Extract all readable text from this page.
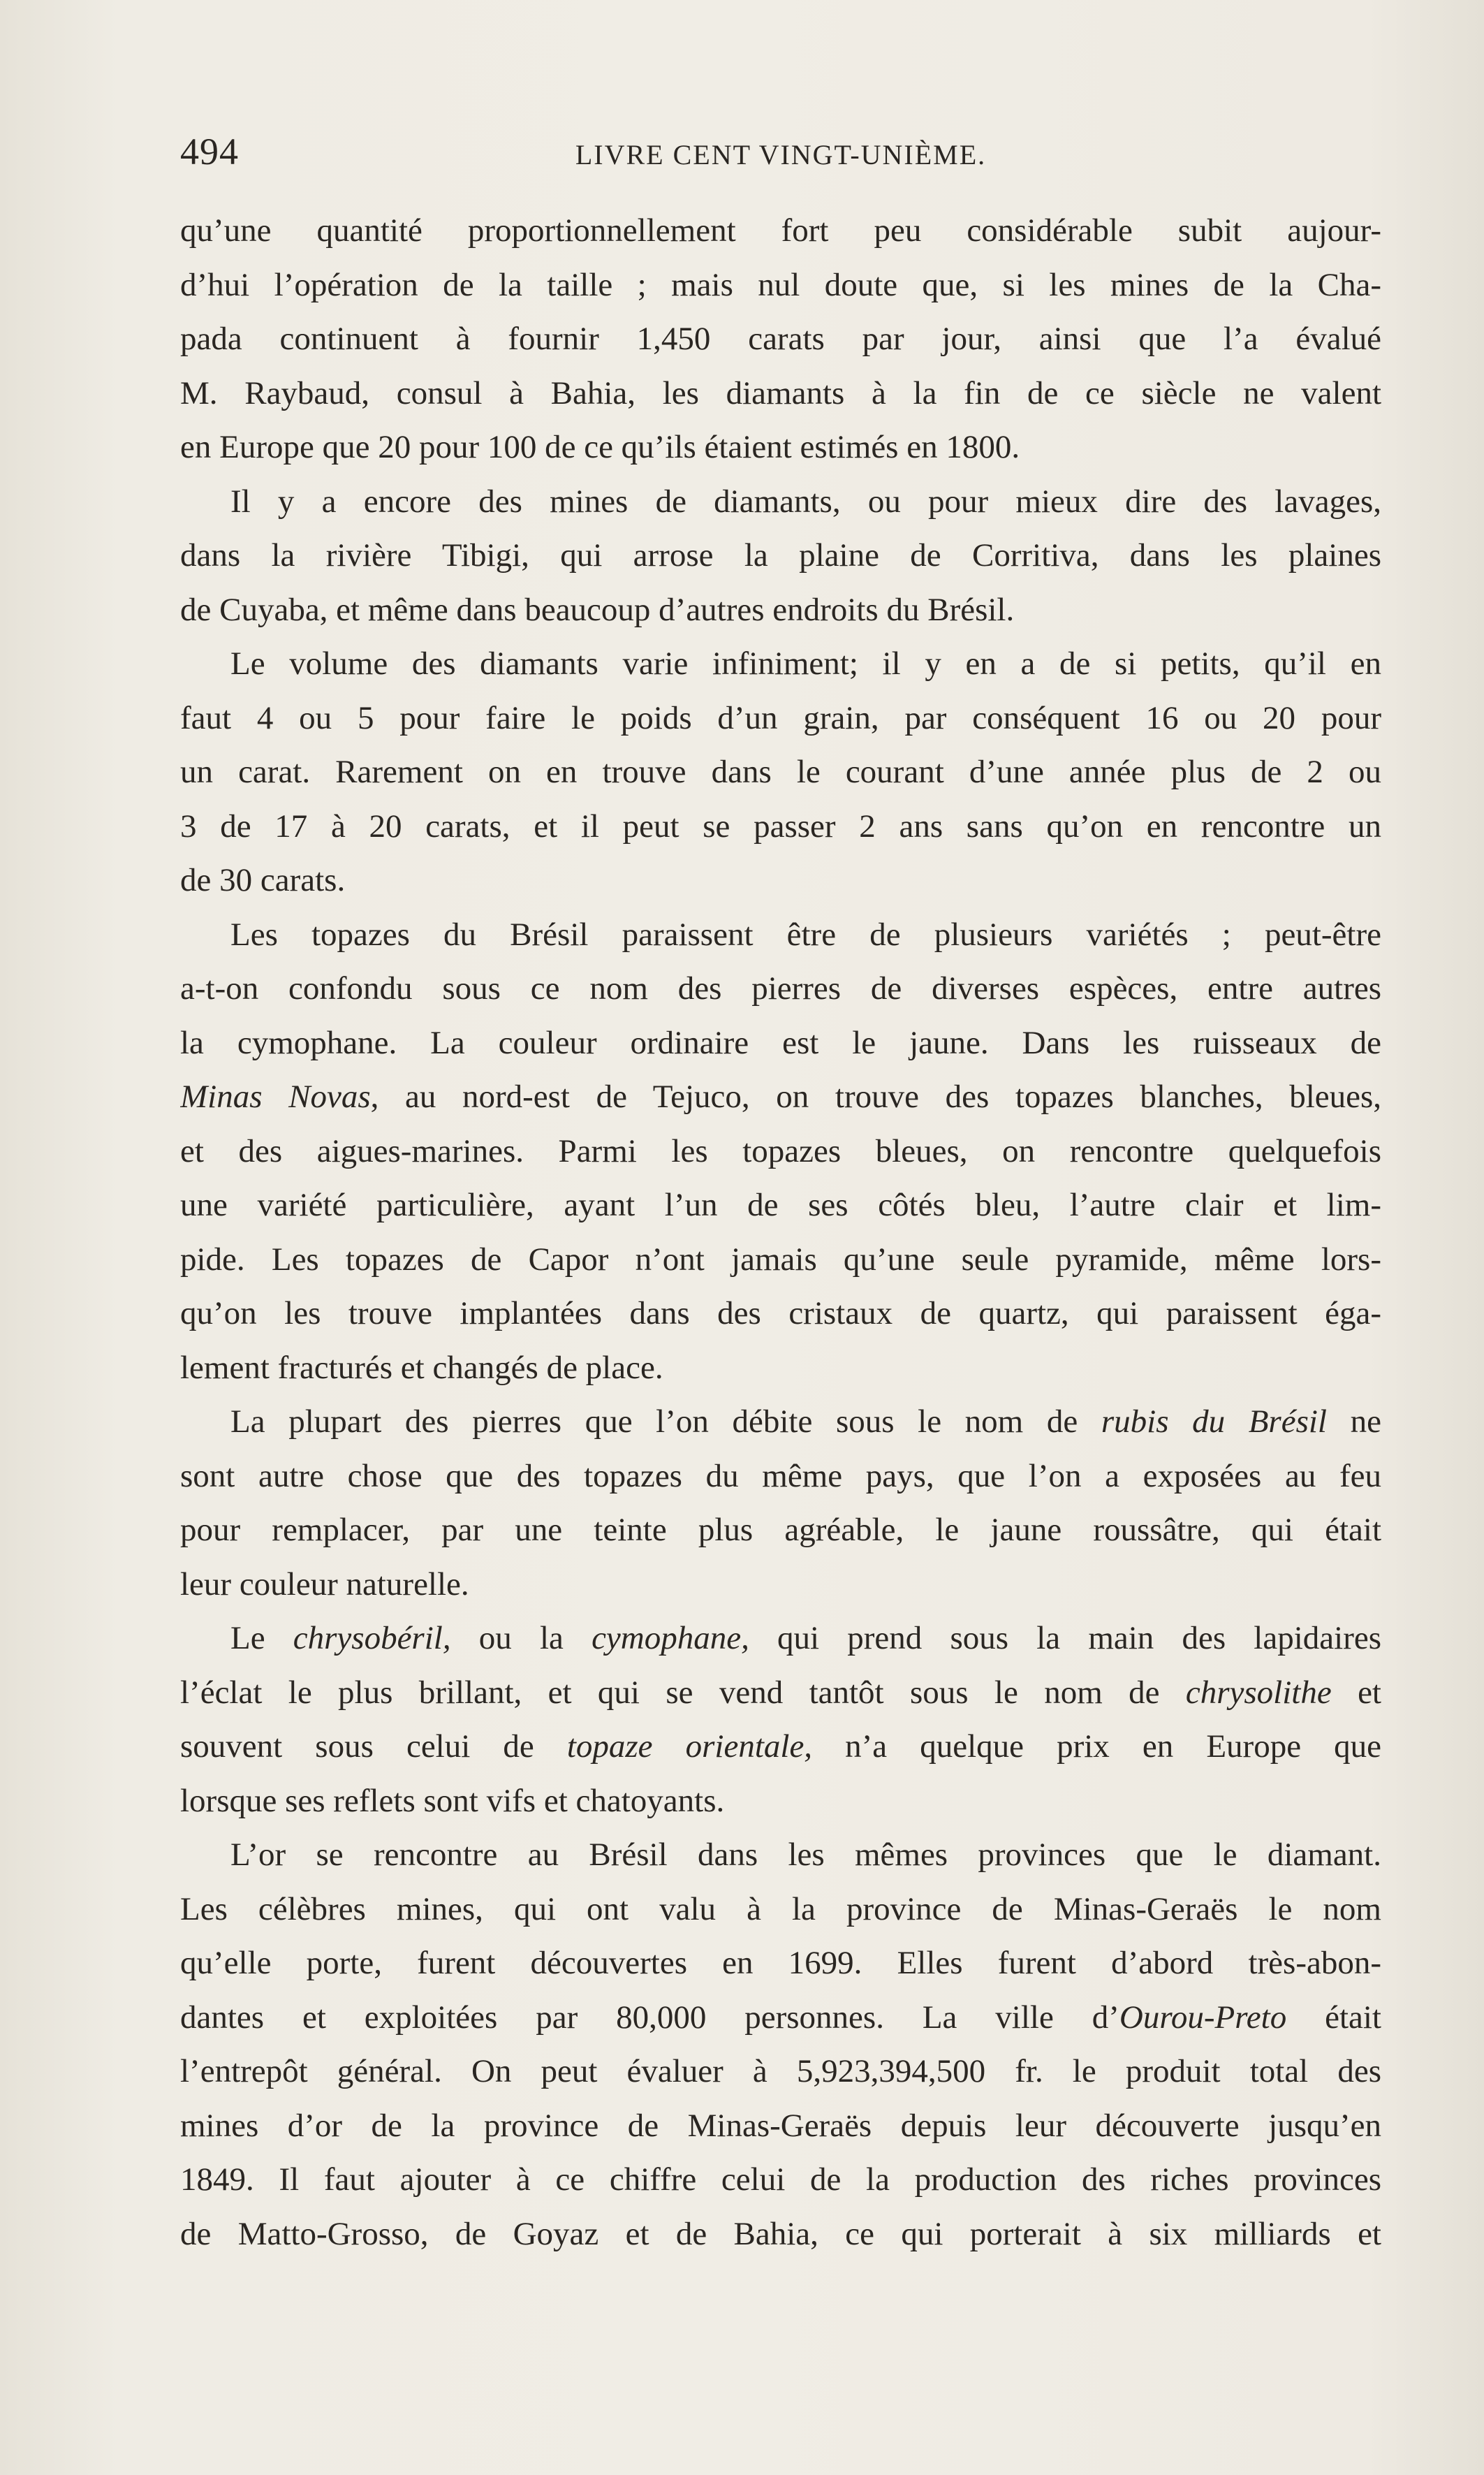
494	LIVRE CENT VINGT-UNIÈME.
qu’une quantité proportionnellement fort peu considérable subit aujour-
d’hui l’opération de la taille ; mais nul doute que, si les mines de la Cha-
pada continuent à fournir 1,450 carats par jour, ainsi que l’a évalué
M. Raybaud, consul à Bahia, les diamants à la fin de ce siècle ne valent
en Europe que 20 pour 100 de ce qu’ils étaient estimés en 1800.
Il y a encore des mines de diamants, ou pour mieux dire des lavages,
dans la rivière Tibigi, qui arrose la plaine de Corritiva, dans les plaines
de Cuyaba, et même dans beaucoup d’autres endroits du Brésil.
Le volume des diamants varie infiniment; il y en a de si petits, qu’il en
faut 4 ou 5 pour faire le poids d’un grain, par conséquent 16 ou 20 pour
un carat. Rarement on en trouve dans le courant d’une année plus de 2 ou
3 de 17 à 20 carats, et il peut se passer 2 ans sans qu’on en rencontre un
de 30 carats.
Les topazes du Brésil paraissent être de plusieurs variétés ; peut-être
a-t-on confondu sous ce nom des pierres de diverses espèces, entre autres
la cymophane. La couleur ordinaire est le jaune. Dans les ruisseaux de
Minas Novas, au nord-est de Tejuco, on trouve des topazes blanches, bleues,
et des aigues-marines. Parmi les topazes bleues, on rencontre quelquefois
une variété particulière, ayant l’un de ses côtés bleu, l’autre clair et lim-
pide. Les topazes de Capor n’ont jamais qu’une seule pyramide, même lors-
qu’on les trouve implantées dans des cristaux de quartz, qui paraissent éga-
lement fracturés et changés de place.
La plupart des pierres que l’on débite sous le nom de rubis du Brésil ne
sont autre chose que des topazes du même pays, que l’on a exposées au feu
pour remplacer, par une teinte plus agréable, le jaune roussâtre, qui était
leur couleur naturelle.
Le chrysobéril, ou la cymophane, qui prend sous la main des lapidaires
l’éclat le plus brillant, et qui se vend tantôt sous le nom de chrysolithe et
souvent sous celui de topaze orientale, n’a quelque prix en Europe que
lorsque ses reflets sont vifs et chatoyants.
L’or se rencontre au Brésil dans les mêmes provinces que le diamant.
Les célèbres mines, qui ont valu à la province de Minas-Geraës le nom
qu’elle porte, furent découvertes en 1699. Elles furent d’abord très-abon-
dantes et exploitées par 80,000 personnes. La ville d’Ourou-Preto était
l’entrepôt général. On peut évaluer à 5,923,394,500 fr. le produit total des
mines d’or de la province de Minas-Geraës depuis leur découverte jusqu’en
1849. Il faut ajouter à ce chiffre celui de la production des riches provinces
de Matto-Grosso, de Goyaz et de Bahia, ce qui porterait à six milliards et
